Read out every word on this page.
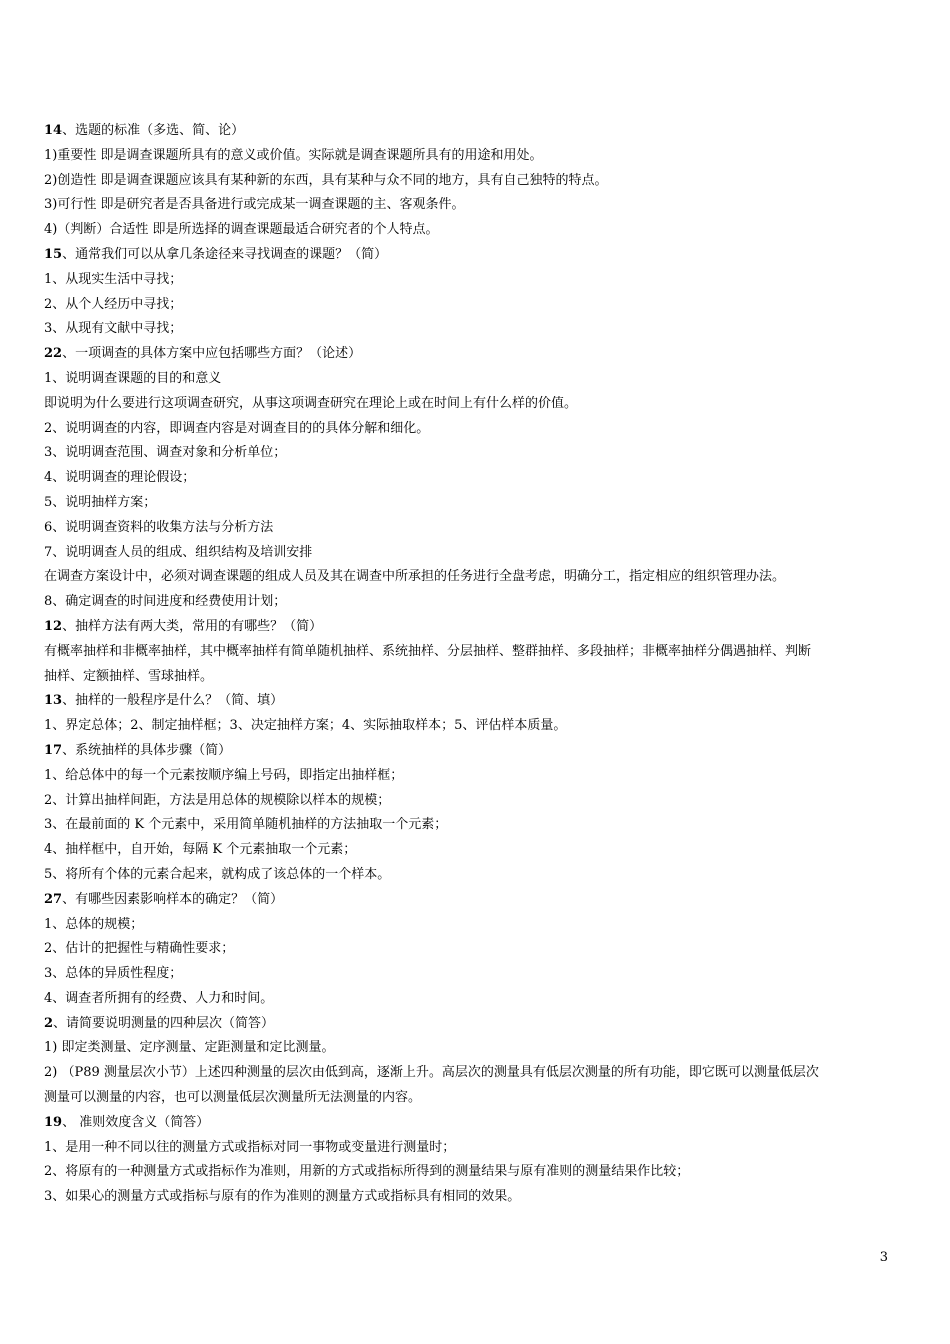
14、选题的标准（多选、简、论）
1)重要性 即是调查课题所具有的意义或价值。实际就是调查课题所具有的用途和用处。
2)创造性 即是调查课题应该具有某种新的东西，具有某种与众不同的地方，具有自己独特的特点。
3)可行性 即是研究者是否具备进行或完成某一调查课题的主、客观条件。
4)（判断）合适性 即是所选择的调查课题最适合研究者的个人特点。
15、通常我们可以从拿几条途径来寻找调查的课题？（简）
1、从现实生活中寻找；
2、从个人经历中寻找；
3、从现有文献中寻找；
22、一项调查的具体方案中应包括哪些方面？（论述）
1、说明调查课题的目的和意义
即说明为什么要进行这项调查研究，从事这项调查研究在理论上或在时间上有什么样的价值。
2、说明调查的内容，即调查内容是对调查目的的具体分解和细化。
3、说明调查范围、调查对象和分析单位；
4、说明调查的理论假设；
5、说明抽样方案；
6、说明调查资料的收集方法与分析方法
7、说明调查人员的组成、组织结构及培训安排
在调查方案设计中，必须对调查课题的组成人员及其在调查中所承担的任务进行全盘考虑，明确分工，指定相应的组织管理办法。
8、确定调查的时间进度和经费使用计划；
12、抽样方法有两大类，常用的有哪些？（简）
有概率抽样和非概率抽样，其中概率抽样有简单随机抽样、系统抽样、分层抽样、整群抽样、多段抽样；非概率抽样分偶遇抽样、判断
抽样、定额抽样、雪球抽样。
13、抽样的一般程序是什么？（简、填）
1、界定总体；2、制定抽样框；3、决定抽样方案；4、实际抽取样本；5、评估样本质量。
17、系统抽样的具体步骤（简）
1、给总体中的每一个元素按顺序编上号码，即指定出抽样框；
2、计算出抽样间距，方法是用总体的规模除以样本的规模；
3、在最前面的 K 个元素中，采用简单随机抽样的方法抽取一个元素；
4、抽样框中，自开始，每隔 K 个元素抽取一个元素；
5、将所有个体的元素合起来，就构成了该总体的一个样本。
27、有哪些因素影响样本的确定？（简）
1、总体的规模；
2、估计的把握性与精确性要求；
3、总体的异质性程度；
4、调查者所拥有的经费、人力和时间。
2、请简要说明测量的四种层次（简答）
1) 即定类测量、定序测量、定距测量和定比测量。
2) （P89 测量层次小节）上述四种测量的层次由低到高，逐渐上升。高层次的测量具有低层次测量的所有功能，即它既可以测量低层次
测量可以测量的内容，也可以测量低层次测量所无法测量的内容。
19、 准则效度含义（简答）
1、是用一种不同以往的测量方式或指标对同一事物或变量进行测量时；
2、将原有的一种测量方式或指标作为准则，用新的方式或指标所得到的测量结果与原有准则的测量结果作比较；
3、如果心的测量方式或指标与原有的作为准则的测量方式或指标具有相同的效果。
3
